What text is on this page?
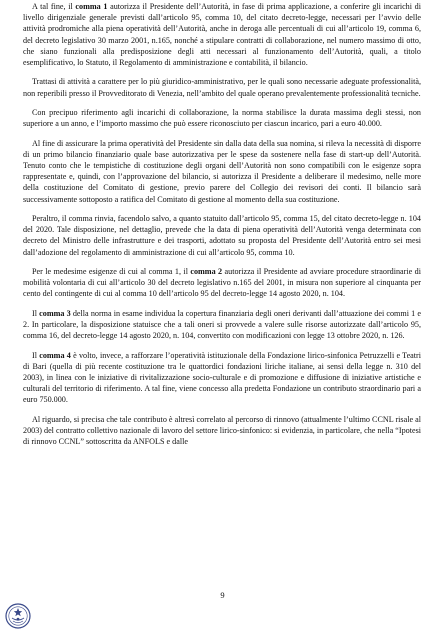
A tal fine, il comma 1 autorizza il Presidente dell’Autorità, in fase di prima applicazione, a conferire gli incarichi di livello dirigenziale generale previsti dall’articolo 95, comma 10, del citato decreto-legge, necessari per l’avvio delle attività prodromiche alla piena operatività dell’Autorità, anche in deroga alle percentuali di cui all’articolo 19, comma 6, del decreto legislativo 30 marzo 2001, n.165, nonché a stipulare contratti di collaborazione, nel numero massimo di otto, che siano funzionali alla predisposizione degli atti necessari al funzionamento dell’Autorità, quali, a titolo esemplificativo, lo Statuto, il Regolamento di amministrazione e contabilità, il bilancio.

Trattasi di attività a carattere per lo più giuridico-amministrativo, per le quali sono necessarie adeguate professionalità, non reperibili presso il Provveditorato di Venezia, nell’ambito del quale operano prevalentemente professionalità tecniche.

Con precipuo riferimento agli incarichi di collaborazione, la norma stabilisce la durata massima degli stessi, non superiore a un anno, e l’importo massimo che può essere riconosciuto per ciascun incarico, pari a euro 40.000.

Al fine di assicurare la prima operatività del Presidente sin dalla data della sua nomina, si rileva la necessità di disporre di un primo bilancio finanziario quale base autorizzativa per le spese da sostenere nella fase di start-up dell’Autorità. Tenuto conto che le tempistiche di costituzione degli organi dell’Autorità non sono compatibili con le esigenze sopra rappresentate e, quindi, con l’approvazione del bilancio, si autorizza il Presidente a deliberare il medesimo, nelle more della costituzione del Comitato di gestione, previo parere del Collegio dei revisori dei conti. Il bilancio sarà successivamente sottoposto a ratifica del Comitato di gestione al momento della sua costituzione.

Peraltro, il comma rinvia, facendolo salvo, a quanto statuito dall’articolo 95, comma 15, del citato decreto-legge n. 104 del 2020. Tale disposizione, nel dettaglio, prevede che la data di piena operatività dell’Autorità venga determinata con decreto del Ministro delle infrastrutture e dei trasporti, adottato su proposta del Presidente dell’Autorità entro sei mesi dall’adozione del regolamento di amministrazione di cui all’articolo 95, comma 10.

Per le medesime esigenze di cui al comma 1, il comma 2 autorizza il Presidente ad avviare procedure straordinarie di mobilità volontaria di cui all’articolo 30 del decreto legislativo n.165 del 2001, in misura non superiore al cinquanta per cento del contingente di cui al comma 10 dell’articolo 95 del decreto-legge 14 agosto 2020, n. 104.

Il comma 3 della norma in esame individua la copertura finanziaria degli oneri derivanti dall’attuazione dei commi 1 e 2. In particolare, la disposizione statuisce che a tali oneri si provvede a valere sulle risorse autorizzate dall’articolo 95, comma 16, del decreto-legge 14 agosto 2020, n. 104, convertito con modificazioni con legge 13 ottobre 2020, n. 126.

Il comma 4 è volto, invece, a rafforzare l’operatività istituzionale della Fondazione lirico-sinfonica Petruzzelli e Teatri di Bari (quella di più recente costituzione tra le quattordici fondazioni liriche italiane, ai sensi della legge n. 310 del 2003), in linea con le iniziative di rivitalizzazione socio-culturale e di promozione e diffusione di iniziative artistiche e culturali del territorio di riferimento. A tal fine, viene concesso alla predetta Fondazione un contributo straordinario pari a euro 750.000.

Al riguardo, si precisa che tale contributo è altresì correlato al percorso di rinnovo (attualmente l’ultimo CCNL risale al 2003) del contratto collettivo nazionale di lavoro del settore lirico-sinfonico: si evidenzia, in particolare, che nella “Ipotesi di rinnovo CCNL” sottoscritta da ANFOLS e dalle

9
